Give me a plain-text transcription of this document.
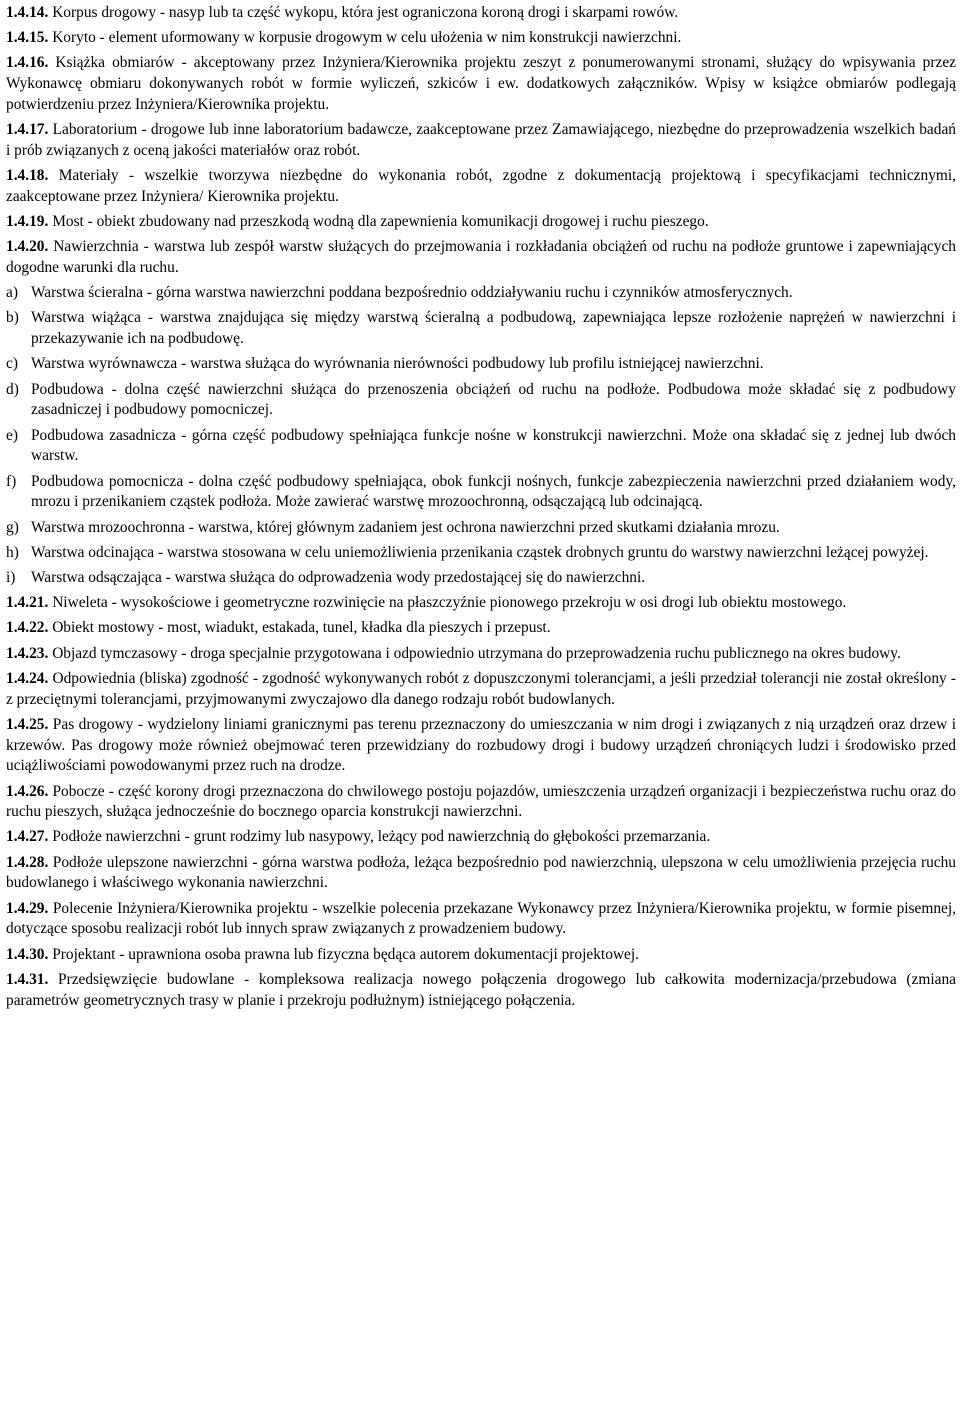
1.4.14. Korpus drogowy - nasyp lub ta część wykopu, która jest ograniczona koroną drogi i skarpami rowów.

1.4.15. Koryto - element uformowany w korpusie drogowym w celu ułożenia w nim konstrukcji nawierzchni.

1.4.16. Książka obmiarów - akceptowany przez Inżyniera/Kierownika projektu zeszyt z ponumerowanymi stronami, służący do wpisywania przez Wykonawcę obmiaru dokonywanych robót w formie wyliczeń, szkiców i ew. dodatkowych załączników. Wpisy w książce obmiarów podlegają potwierdzeniu przez Inżyniera/Kierownika projektu.

1.4.17. Laboratorium - drogowe lub inne laboratorium badawcze, zaakceptowane przez Zamawiającego, niezbędne do przeprowadzenia wszelkich badań i prób związanych z oceną jakości materiałów oraz robót.

1.4.18. Materiały - wszelkie tworzywa niezbędne do wykonania robót, zgodne z dokumentacją projektową i specyfikacjami technicznymi, zaakceptowane przez Inżyniera/ Kierownika projektu.

1.4.19. Most - obiekt zbudowany nad przeszkodą wodną dla zapewnienia komunikacji drogowej i ruchu pieszego.

1.4.20. Nawierzchnia - warstwa lub zespół warstw służących do przejmowania i rozkładania obciążeń od ruchu na podłoże gruntowe i zapewniających dogodne warunki dla ruchu.

a) Warstwa ścieralna - górna warstwa nawierzchni poddana bezpośrednio oddziaływaniu ruchu i czynników atmosferycznych.

b) Warstwa wiążąca - warstwa znajdująca się między warstwą ścieralną a podbudową, zapewniająca lepsze rozłożenie naprężeń w nawierzchni i przekazywanie ich na podbudowę.

c) Warstwa wyrównawcza - warstwa służąca do wyrównania nierówności podbudowy lub profilu istniejącej nawierzchni.

d) Podbudowa - dolna część nawierzchni służąca do przenoszenia obciążeń od ruchu na podłoże. Podbudowa może składać się z podbudowy zasadniczej i podbudowy pomocniczej.

e) Podbudowa zasadnicza - górna część podbudowy spełniająca funkcje nośne w konstrukcji nawierzchni. Może ona składać się z jednej lub dwóch warstw.

f) Podbudowa pomocnicza - dolna część podbudowy spełniająca, obok funkcji nośnych, funkcje zabezpieczenia nawierzchni przed działaniem wody, mrozu i przenikaniem cząstek podłoża. Może zawierać warstwę mrozoochronną, odsączającą lub odcinającą.

g) Warstwa mrozoochronna - warstwa, której głównym zadaniem jest ochrona nawierzchni przed skutkami działania mrozu.

h) Warstwa odcinająca - warstwa stosowana w celu uniemożliwienia przenikania cząstek drobnych gruntu do warstwy nawierzchni leżącej powyżej.

i) Warstwa odsączająca - warstwa służąca do odprowadzenia wody przedostającej się do nawierzchni.

1.4.21. Niweleta - wysokościowe i geometryczne rozwinięcie na płaszczyźnie pionowego przekroju w osi drogi lub obiektu mostowego.

1.4.22. Obiekt mostowy - most, wiadukt, estakada, tunel, kładka dla pieszych i przepust.

1.4.23. Objazd tymczasowy - droga specjalnie przygotowana i odpowiednio utrzymana do przeprowadzenia ruchu publicznego na okres budowy.

1.4.24. Odpowiednia (bliska) zgodność - zgodność wykonywanych robót z dopuszczonymi tolerancjami, a jeśli przedział tolerancji nie został określony - z przeciętnymi tolerancjami, przyjmowanymi zwyczajowo dla danego rodzaju robót budowlanych.

1.4.25. Pas drogowy - wydzielony liniami granicznymi pas terenu przeznaczony do umieszczania w nim drogi i związanych z nią urządzeń oraz drzew i krzewów. Pas drogowy może również obejmować teren przewidziany do rozbudowy drogi i budowy urządzeń chroniących ludzi i środowisko przed uciążliwościami powodowanymi przez ruch na drodze.

1.4.26. Pobocze - część korony drogi przeznaczona do chwilowego postoju pojazdów, umieszczenia urządzeń organizacji i bezpieczeństwa ruchu oraz do ruchu pieszych, służąca jednocześnie do bocznego oparcia konstrukcji nawierzchni.

1.4.27. Podłoże nawierzchni - grunt rodzimy lub nasypowy, leżący pod nawierzchnią do głębokości przemarzania.

1.4.28. Podłoże ulepszone nawierzchni - górna warstwa podłoża, leżąca bezpośrednio pod nawierzchnią, ulepszona w celu umożliwienia przejęcia ruchu budowlanego i właściwego wykonania nawierzchni.

1.4.29. Polecenie Inżyniera/Kierownika projektu - wszelkie polecenia przekazane Wykonawcy przez Inżyniera/Kierownika projektu, w formie pisemnej, dotyczące sposobu realizacji robót lub innych spraw związanych z prowadzeniem budowy.

1.4.30. Projektant - uprawniona osoba prawna lub fizyczna będąca autorem dokumentacji projektowej.

1.4.31. Przedsięwzięcie budowlane - kompleksowa realizacja nowego połączenia drogowego lub całkowita modernizacja/przebudowa (zmiana parametrów geometrycznych trasy w planie i przekroju podłużnym) istniejącego połączenia.
